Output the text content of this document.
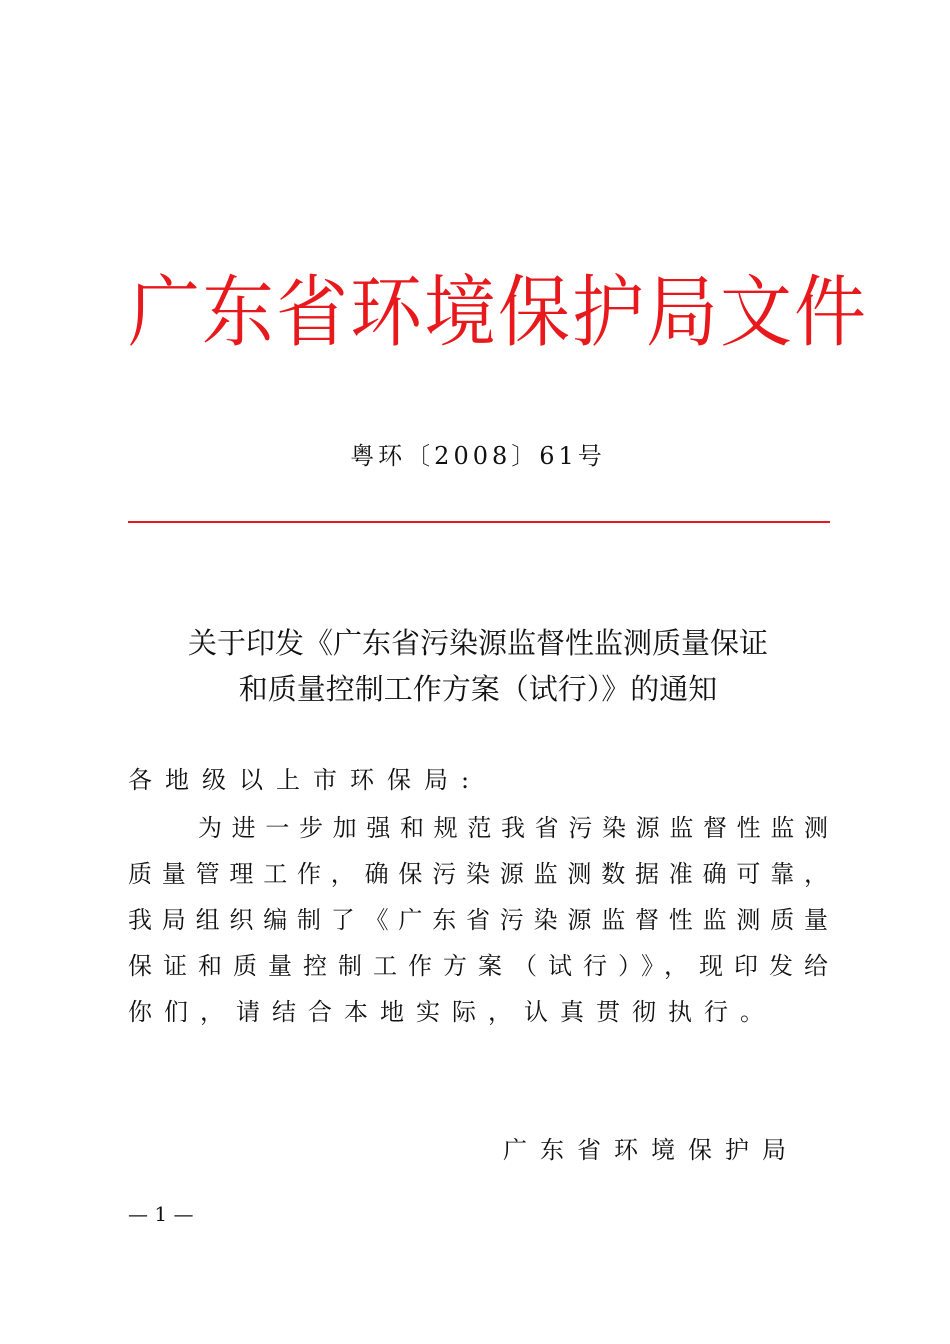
广东省环境保护局文件
粤环〔2008〕61号
关于印发《广东省污染源监督性监测质量保证
和质量控制工作方案（试行）》的通知
各地级以上市环保局:
为进一步加强和规范我省污染源监督性监测
质量管理工作，确保污染源监测数据准确可靠，
我局组织编制了《广东省污染源监督性监测质量
保证和质量控制工作方案（试行）》，现印发给
你们，请结合本地实际，认真贯彻执行。
广东省环境保护局
— 1 —
